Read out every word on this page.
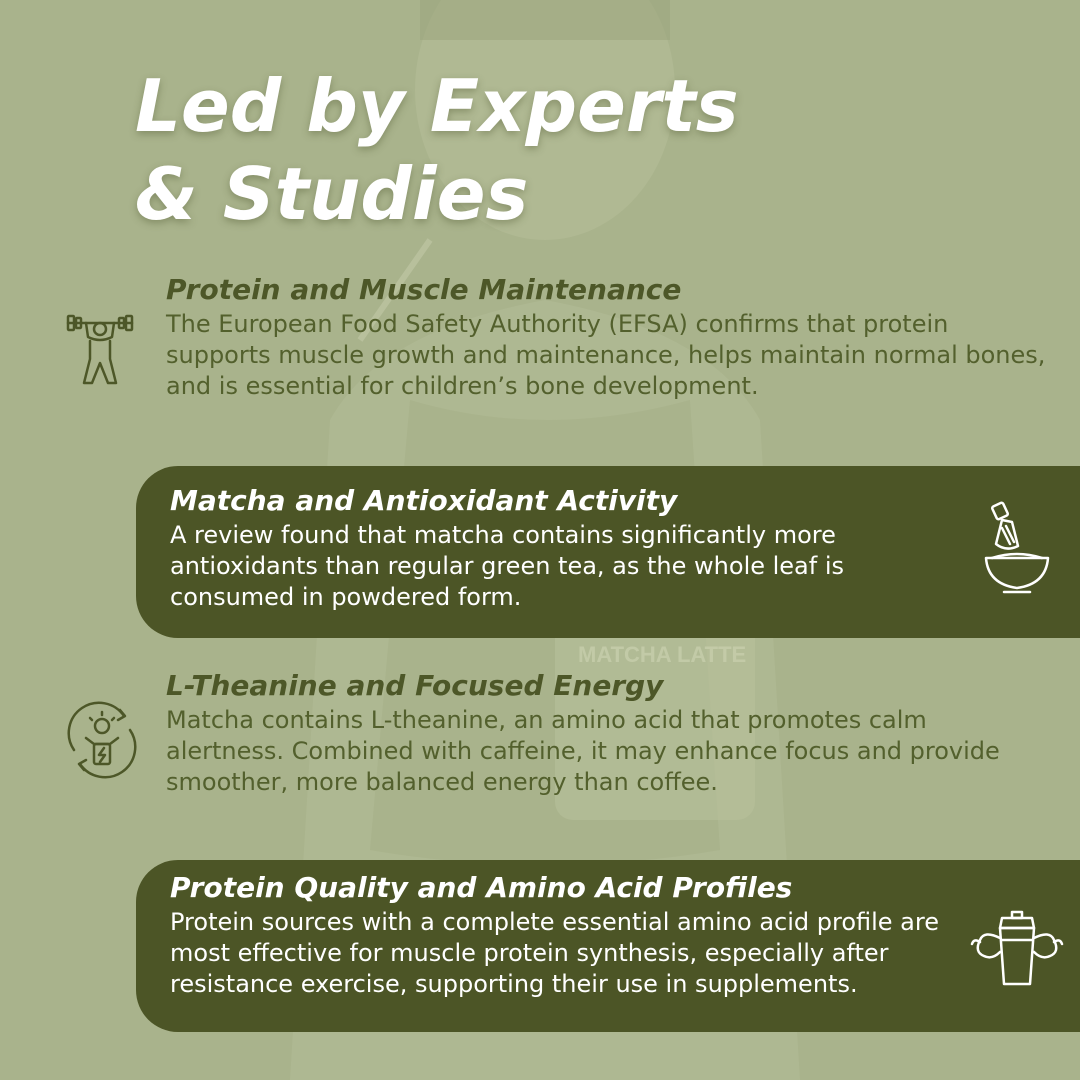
MATCHA LATTE
Led by Experts
& Studies
Protein and Muscle Maintenance

The European Food Safety Authority (EFSA) confirms that protein supports muscle growth and maintenance, helps maintain normal bones, and is essential for children’s bone development.

Matcha and Antioxidant Activity

A review found that matcha contains significantly more antioxidants than regular green tea, as the whole leaf is consumed in powdered form.

L-Theanine and Focused Energy

Matcha contains L-theanine, an amino acid that promotes calm alertness. Combined with caffeine, it may enhance focus and provide smoother, more balanced energy than coffee.

Protein Quality and Amino Acid Profiles

Protein sources with a complete essential amino acid profile are most effective for muscle protein synthesis, especially after resistance exercise, supporting their use in supplements.
